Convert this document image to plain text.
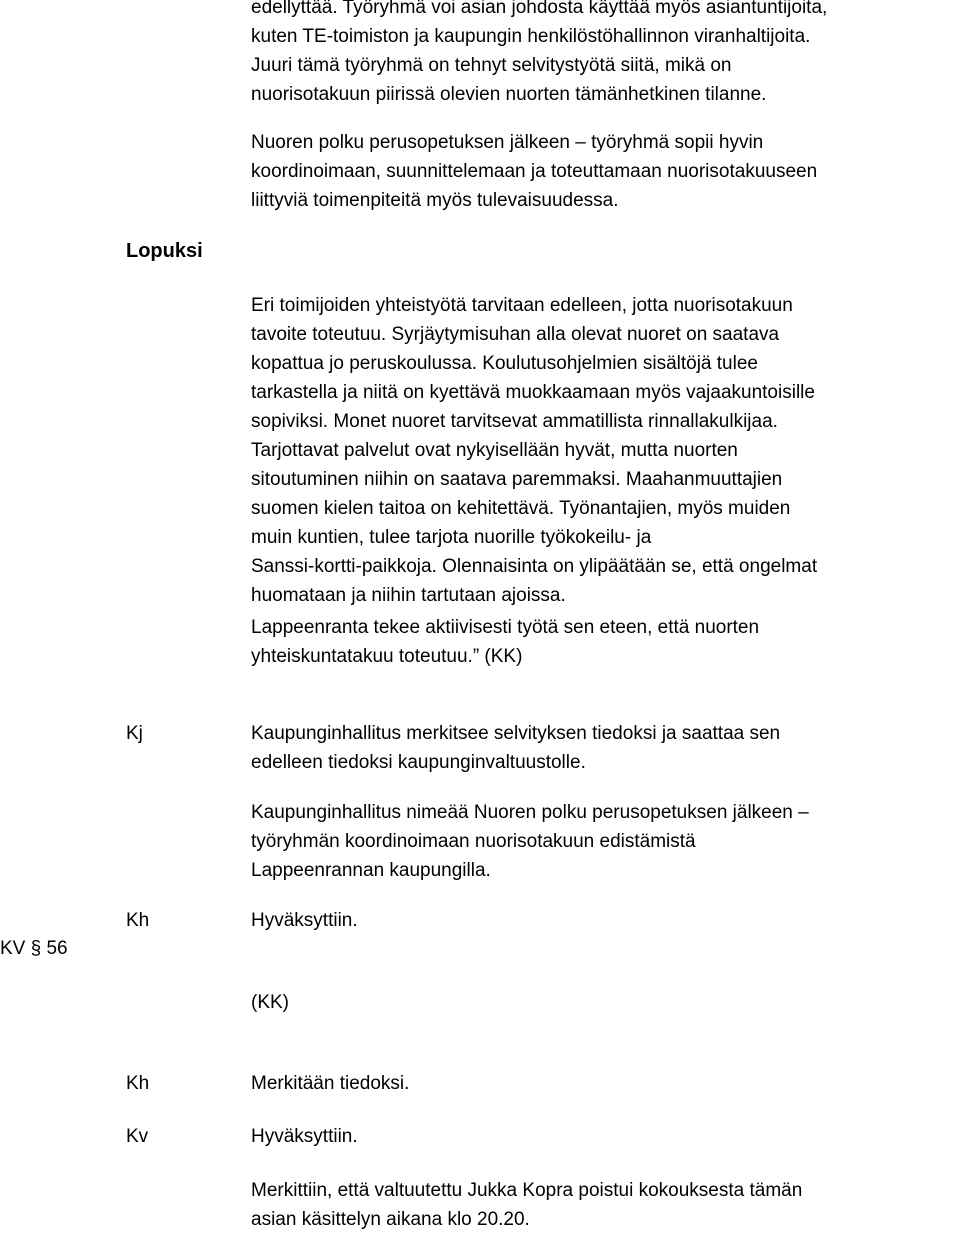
edellyttää. Työryhmä voi asian johdosta käyttää myös asiantuntijoita,
kuten TE-toimiston ja kaupungin henkilöstöhallinnon viranhaltijoita.
Juuri tämä työryhmä on tehnyt selvitystyötä siitä, mikä on
nuorisotakuun piirissä olevien nuorten tämänhetkinen tilanne.

Nuoren polku perusopetuksen jälkeen – työryhmä sopii hyvin
koordinoimaan, suunnittelemaan ja toteuttamaan nuorisotakuuseen
liittyviä toimenpiteitä myös tulevaisuudessa.

Lopuksi

Eri toimijoiden yhteistyötä tarvitaan edelleen, jotta nuorisotakuun
tavoite toteutuu. Syrjäytymisuhan alla olevat nuoret on saatava
kopattua jo peruskoulussa. Koulutusohjelmien sisältöjä tulee
tarkastella ja niitä on kyettävä muokkaamaan myös vajaakuntoisille
sopiviksi. Monet nuoret tarvitsevat ammatillista rinnallakulkijaa.
Tarjottavat palvelut ovat nykyisellään hyvät, mutta nuorten
sitoutuminen niihin on saatava paremmaksi. Maahanmuuttajien
suomen kielen taitoa on kehitettävä. Työnantajien, myös muiden
muin kuntien, tulee tarjota nuorille työkokeilu- ja
Sanssi-kortti-paikkoja. Olennaisinta on ylipäätään se, että ongelmat
huomataan ja niihin tartutaan ajoissa.

Lappeenranta tekee aktiivisesti työtä sen eteen, että nuorten
yhteiskuntatakuu toteutuu.” (KK)

Kj	Kaupunginhallitus merkitsee selvityksen tiedoksi ja saattaa sen
edelleen tiedoksi kaupunginvaltuustolle.

Kaupunginhallitus nimeää Nuoren polku perusopetuksen jälkeen –
työryhmän koordinoimaan nuorisotakuun edistämistä
Lappeenrannan kaupungilla.

Kh	Hyväksyttiin.

KV § 56

(KK)

Kh	Merkitään tiedoksi.

Kv	Hyväksyttiin.

Merkittiin, että valtuutettu Jukka Kopra poistui kokouksesta tämän
asian käsittelyn aikana klo 20.20.
